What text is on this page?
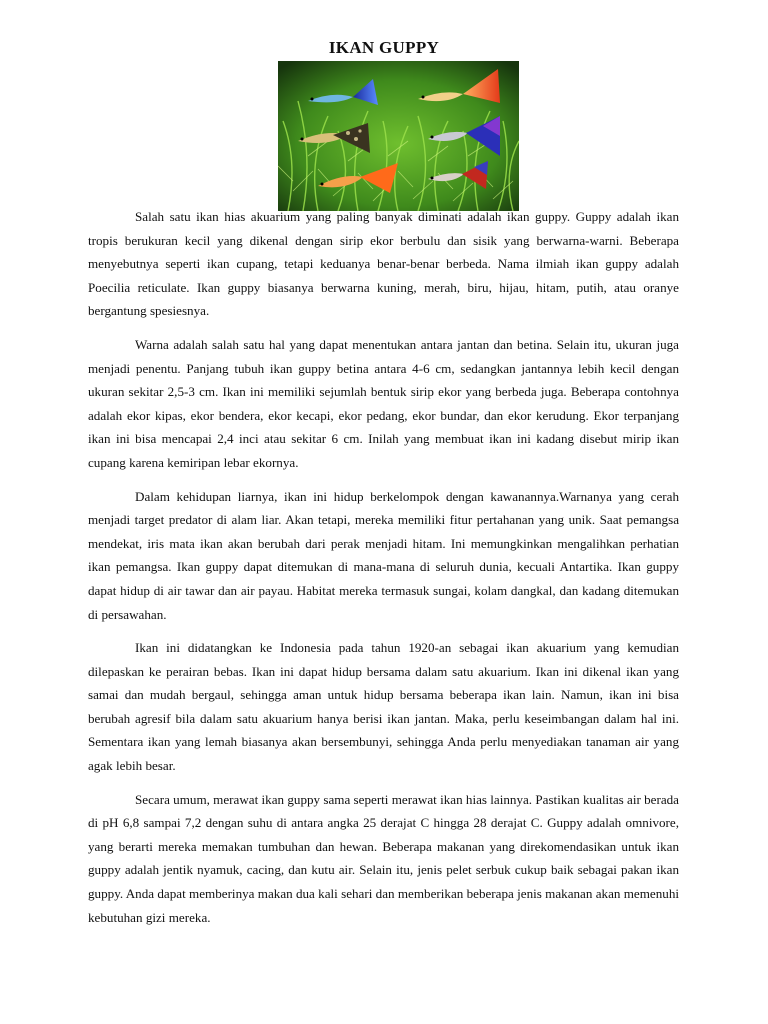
IKAN GUPPY

Salah satu ikan hias akuarium yang paling banyak diminati adalah ikan guppy. Guppy adalah ikan tropis berukuran kecil yang dikenal dengan sirip ekor berbulu dan sisik yang berwarna-warni. Beberapa menyebutnya seperti ikan cupang, tetapi keduanya benar-benar berbeda. Nama ilmiah ikan guppy adalah Poecilia reticulate. Ikan guppy biasanya berwarna kuning, merah, biru, hijau, hitam, putih, atau oranye bergantung spesiesnya.

Warna adalah salah satu hal yang dapat menentukan antara jantan dan betina. Selain itu, ukuran juga menjadi penentu. Panjang tubuh ikan guppy betina antara 4-6 cm, sedangkan jantannya lebih kecil dengan ukuran sekitar 2,5-3 cm. Ikan ini memiliki sejumlah bentuk sirip ekor yang berbeda juga. Beberapa contohnya adalah ekor kipas, ekor bendera, ekor kecapi, ekor pedang, ekor bundar, dan ekor kerudung. Ekor terpanjang ikan ini bisa mencapai 2,4 inci atau sekitar 6 cm. Inilah yang membuat ikan ini kadang disebut mirip ikan cupang karena kemiripan lebar ekornya.

Dalam kehidupan liarnya, ikan ini hidup berkelompok dengan kawanannya.Warnanya yang cerah menjadi target predator di alam liar. Akan tetapi, mereka memiliki fitur pertahanan yang unik. Saat pemangsa mendekat, iris mata ikan akan berubah dari perak menjadi hitam. Ini memungkinkan mengalihkan perhatian ikan pemangsa. Ikan guppy dapat ditemukan di mana-mana di seluruh dunia, kecuali Antartika. Ikan guppy dapat hidup di air tawar dan air payau. Habitat mereka termasuk sungai, kolam dangkal, dan kadang ditemukan di persawahan.

Ikan ini didatangkan ke Indonesia pada tahun 1920-an sebagai ikan akuarium yang kemudian dilepaskan ke perairan bebas. Ikan ini dapat hidup bersama dalam satu akuarium. Ikan ini dikenal ikan yang samai dan mudah bergaul, sehingga aman untuk hidup bersama beberapa ikan lain. Namun, ikan ini bisa berubah agresif bila dalam satu akuarium hanya berisi ikan jantan. Maka, perlu keseimbangan dalam hal ini. Sementara ikan yang lemah biasanya akan bersembunyi, sehingga Anda perlu menyediakan tanaman air yang agak lebih besar.

Secara umum, merawat ikan guppy sama seperti merawat ikan hias lainnya. Pastikan kualitas air berada di pH 6,8 sampai 7,2 dengan suhu di antara angka 25 derajat C hingga 28 derajat C. Guppy adalah omnivore, yang berarti mereka memakan tumbuhan dan hewan. Beberapa makanan yang direkomendasikan untuk ikan guppy adalah jentik nyamuk, cacing, dan kutu air. Selain itu, jenis pelet serbuk cukup baik sebagai pakan ikan guppy. Anda dapat memberinya makan dua kali sehari dan memberikan beberapa jenis makanan akan memenuhi kebutuhan gizi mereka.
